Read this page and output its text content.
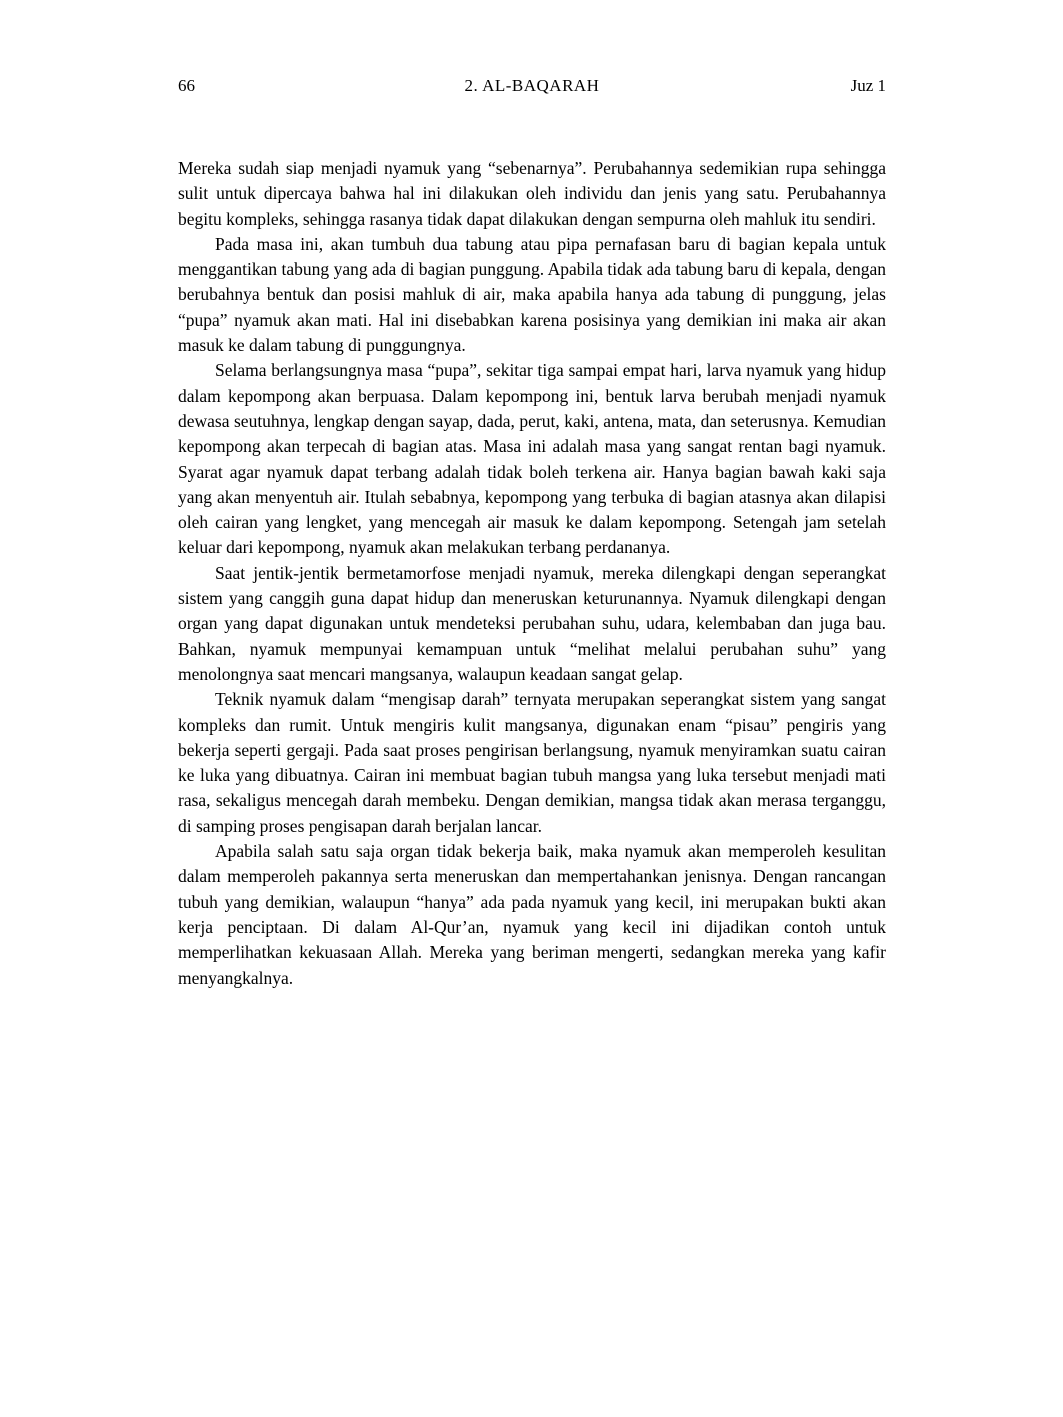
66	2. AL-BAQARAH	Juz 1

Mereka sudah siap menjadi nyamuk yang “sebenarnya”. Perubahannya sedemikian rupa sehingga sulit untuk dipercaya bahwa hal ini dilakukan oleh individu dan jenis yang satu. Perubahannya begitu kompleks, sehingga rasanya tidak dapat dilakukan dengan sempurna oleh mahluk itu sendiri.

Pada masa ini, akan tumbuh dua tabung atau pipa pernafasan baru di bagian kepala untuk menggantikan tabung yang ada di bagian punggung. Apabila tidak ada tabung baru di kepala, dengan berubahnya bentuk dan posisi mahluk di air, maka apabila hanya ada tabung di punggung, jelas “pupa” nyamuk akan mati. Hal ini disebabkan karena posisinya yang demikian ini maka air akan masuk ke dalam tabung di punggungnya.

Selama berlangsungnya masa “pupa”, sekitar tiga sampai empat hari, larva nyamuk yang hidup dalam kepompong akan berpuasa. Dalam kepompong ini, bentuk larva berubah menjadi nyamuk dewasa seutuhnya, lengkap dengan sayap, dada, perut, kaki, antena, mata, dan seterusnya. Kemudian kepompong akan terpecah di bagian atas. Masa ini adalah masa yang sangat rentan bagi nyamuk. Syarat agar nyamuk dapat terbang adalah tidak boleh terkena air. Hanya bagian bawah kaki saja yang akan menyentuh air. Itulah sebabnya, kepompong yang terbuka di bagian atasnya akan dilapisi oleh cairan yang lengket, yang mencegah air masuk ke dalam kepompong. Setengah jam setelah keluar dari kepompong, nyamuk akan melakukan terbang perdananya.

Saat jentik-jentik bermetamorfose menjadi nyamuk, mereka dilengkapi dengan seperangkat sistem yang canggih guna dapat hidup dan meneruskan keturunannya. Nyamuk dilengkapi dengan organ yang dapat digunakan untuk mendeteksi perubahan suhu, udara, kelembaban dan juga bau. Bahkan, nyamuk mempunyai kemampuan untuk “melihat melalui perubahan suhu” yang menolongnya saat mencari mangsanya, walaupun keadaan sangat gelap.

Teknik nyamuk dalam “mengisap darah” ternyata merupakan seperangkat sistem yang sangat kompleks dan rumit. Untuk mengiris kulit mangsanya, digunakan enam “pisau” pengiris yang bekerja seperti gergaji. Pada saat proses pengirisan berlangsung, nyamuk menyiramkan suatu cairan ke luka yang dibuatnya. Cairan ini membuat bagian tubuh mangsa yang luka tersebut menjadi mati rasa, sekaligus mencegah darah membeku. Dengan demikian, mangsa tidak akan merasa terganggu, di samping proses pengisapan darah berjalan lancar.

Apabila salah satu saja organ tidak bekerja baik, maka nyamuk akan memperoleh kesulitan dalam memperoleh pakannya serta meneruskan dan mempertahankan jenisnya. Dengan rancangan tubuh yang demikian, walaupun “hanya” ada pada nyamuk yang kecil, ini merupakan bukti akan kerja penciptaan. Di dalam Al-Qur’an, nyamuk yang kecil ini dijadikan contoh untuk memperlihatkan kekuasaan Allah. Mereka yang beriman mengerti, sedangkan mereka yang kafir menyangkalnya.
